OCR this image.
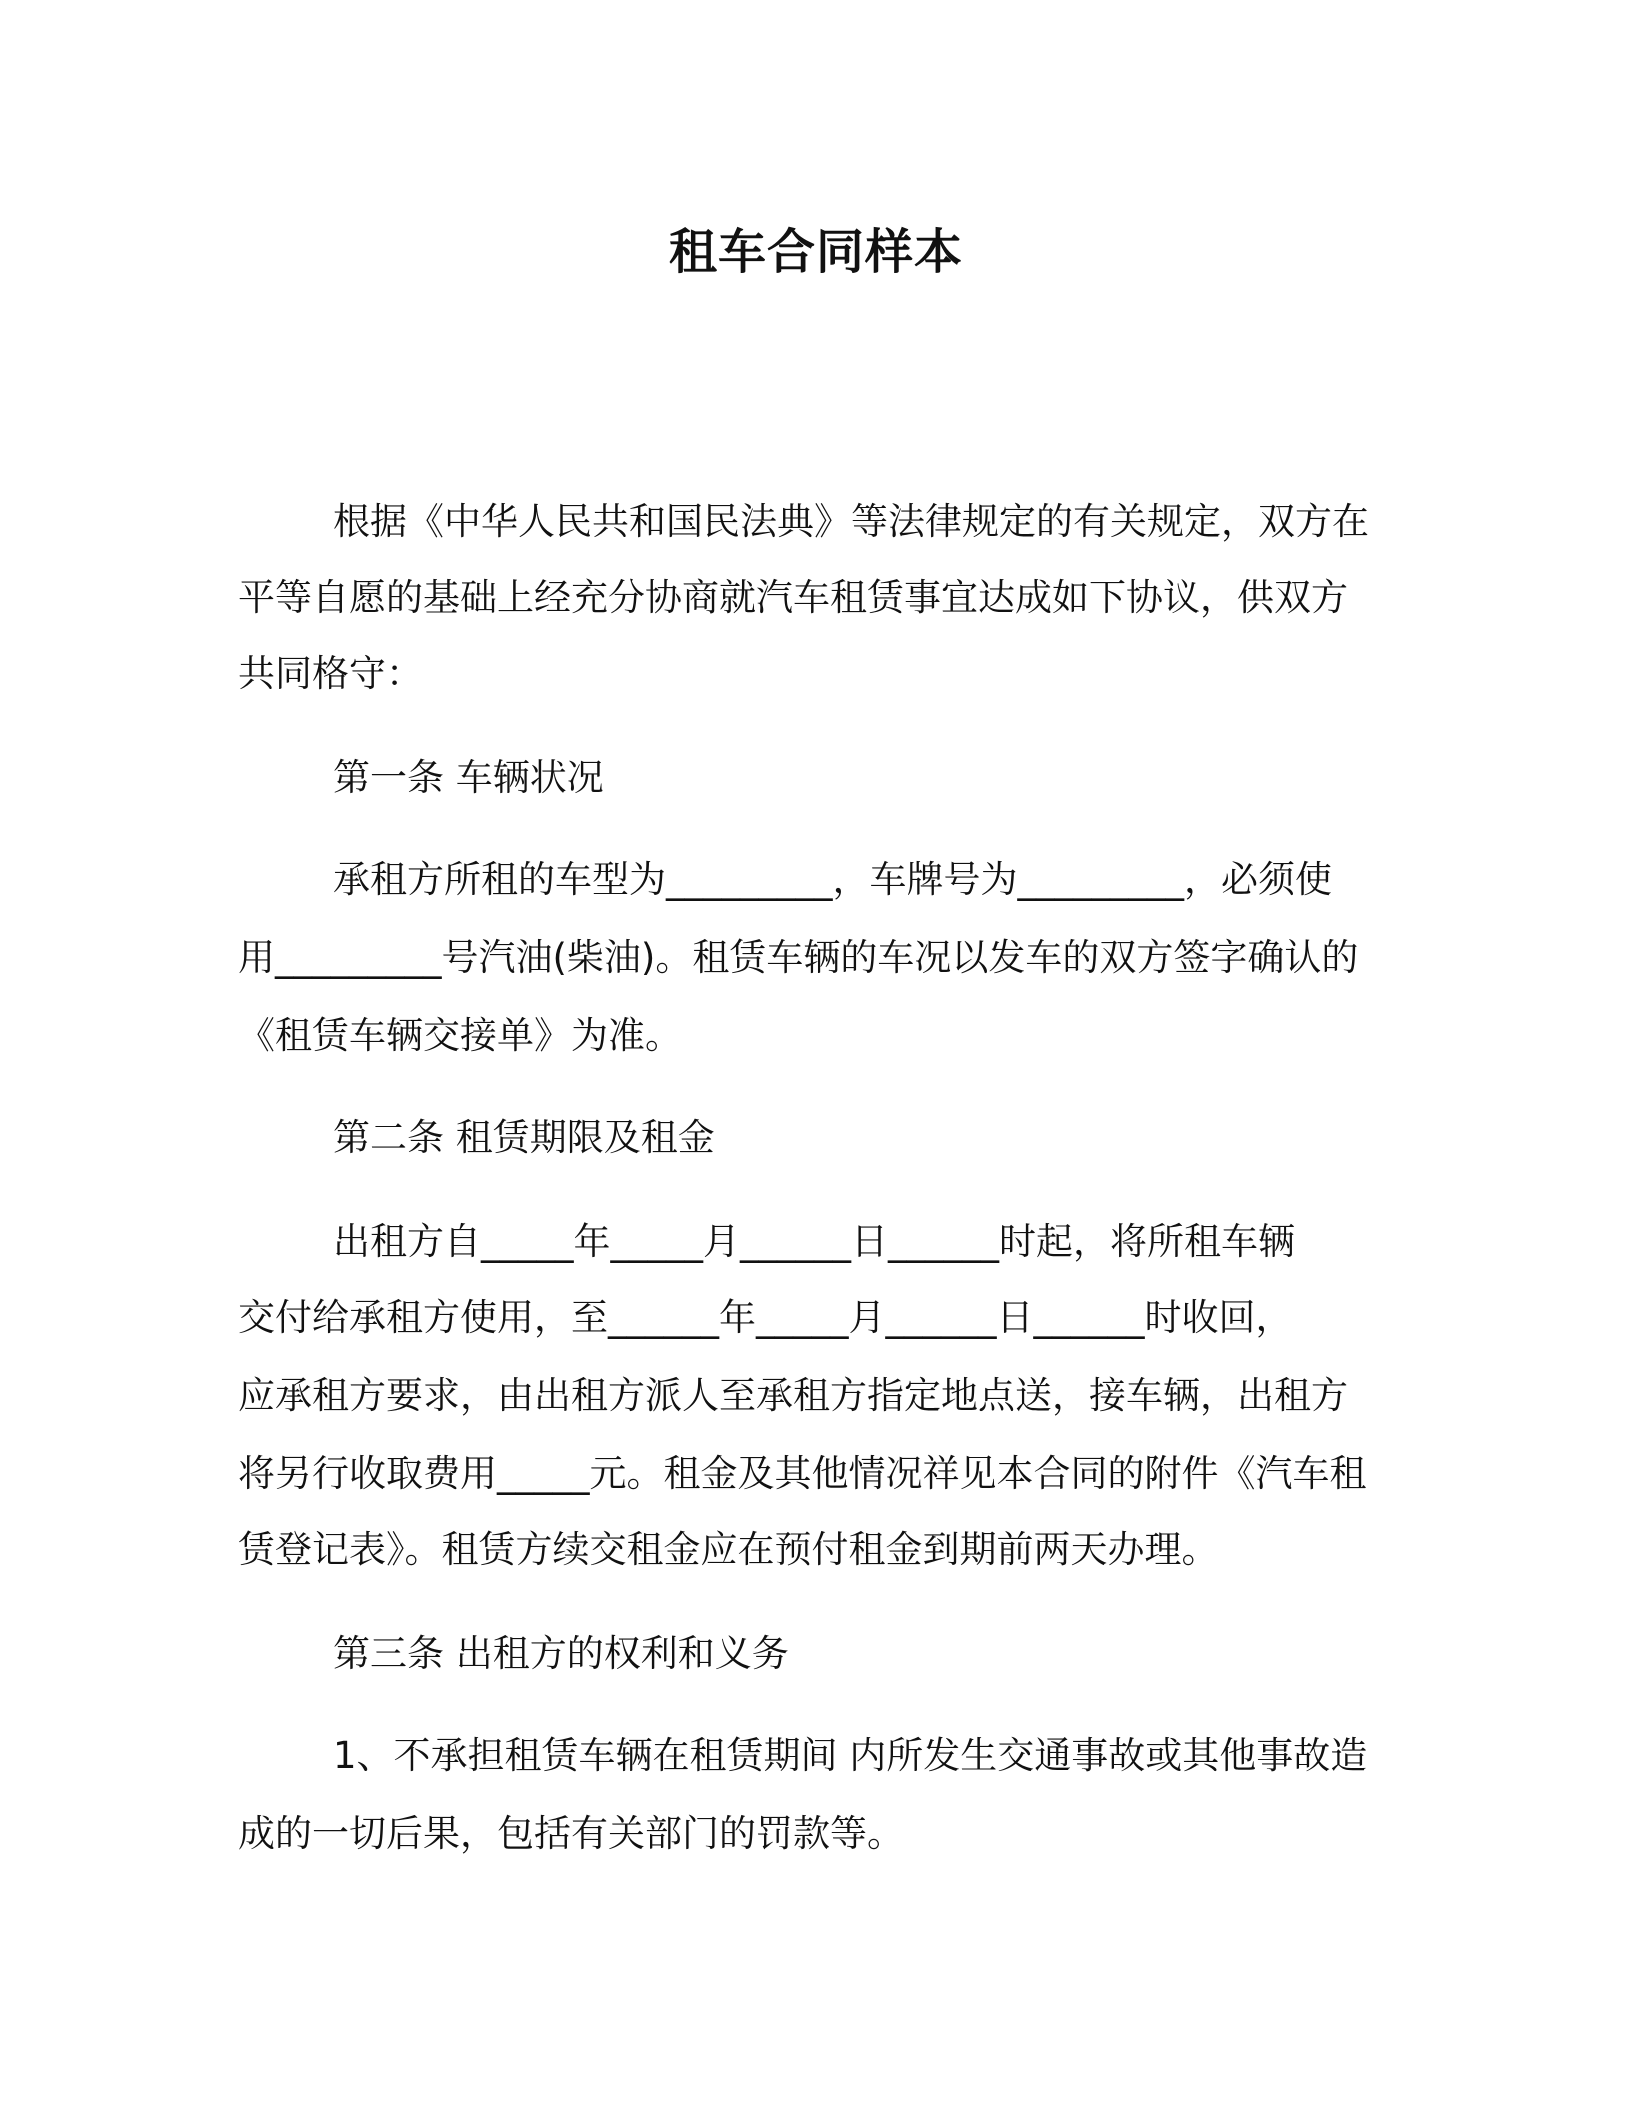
租车合同样本
根据《中华人民共和国民法典》等法律规定的有关规定，双方在
平等自愿的基础上经充分协商就汽车租赁事宜达成如下协议，供双方
共同格守：
第一条 车辆状况
承租方所租的车型为_________，车牌号为_________，必须使
用_________号汽油(柴油)。租赁车辆的车况以发车的双方签字确认的
《租赁车辆交接单》为准。
第二条 租赁期限及租金
出租方自_____年_____月______日______时起，将所租车辆
交付给承租方使用，至______年_____月______日______时收回，
应承租方要求，由出租方派人至承租方指定地点送，接车辆，出租方
将另行收取费用_____元。租金及其他情况祥见本合同的附件《汽车租
赁登记表》。租赁方续交租金应在预付租金到期前两天办理。
第三条 出租方的权利和义务
1、不承担租赁车辆在租赁期间 内所发生交通事故或其他事故造
成的一切后果，包括有关部门的罚款等。
